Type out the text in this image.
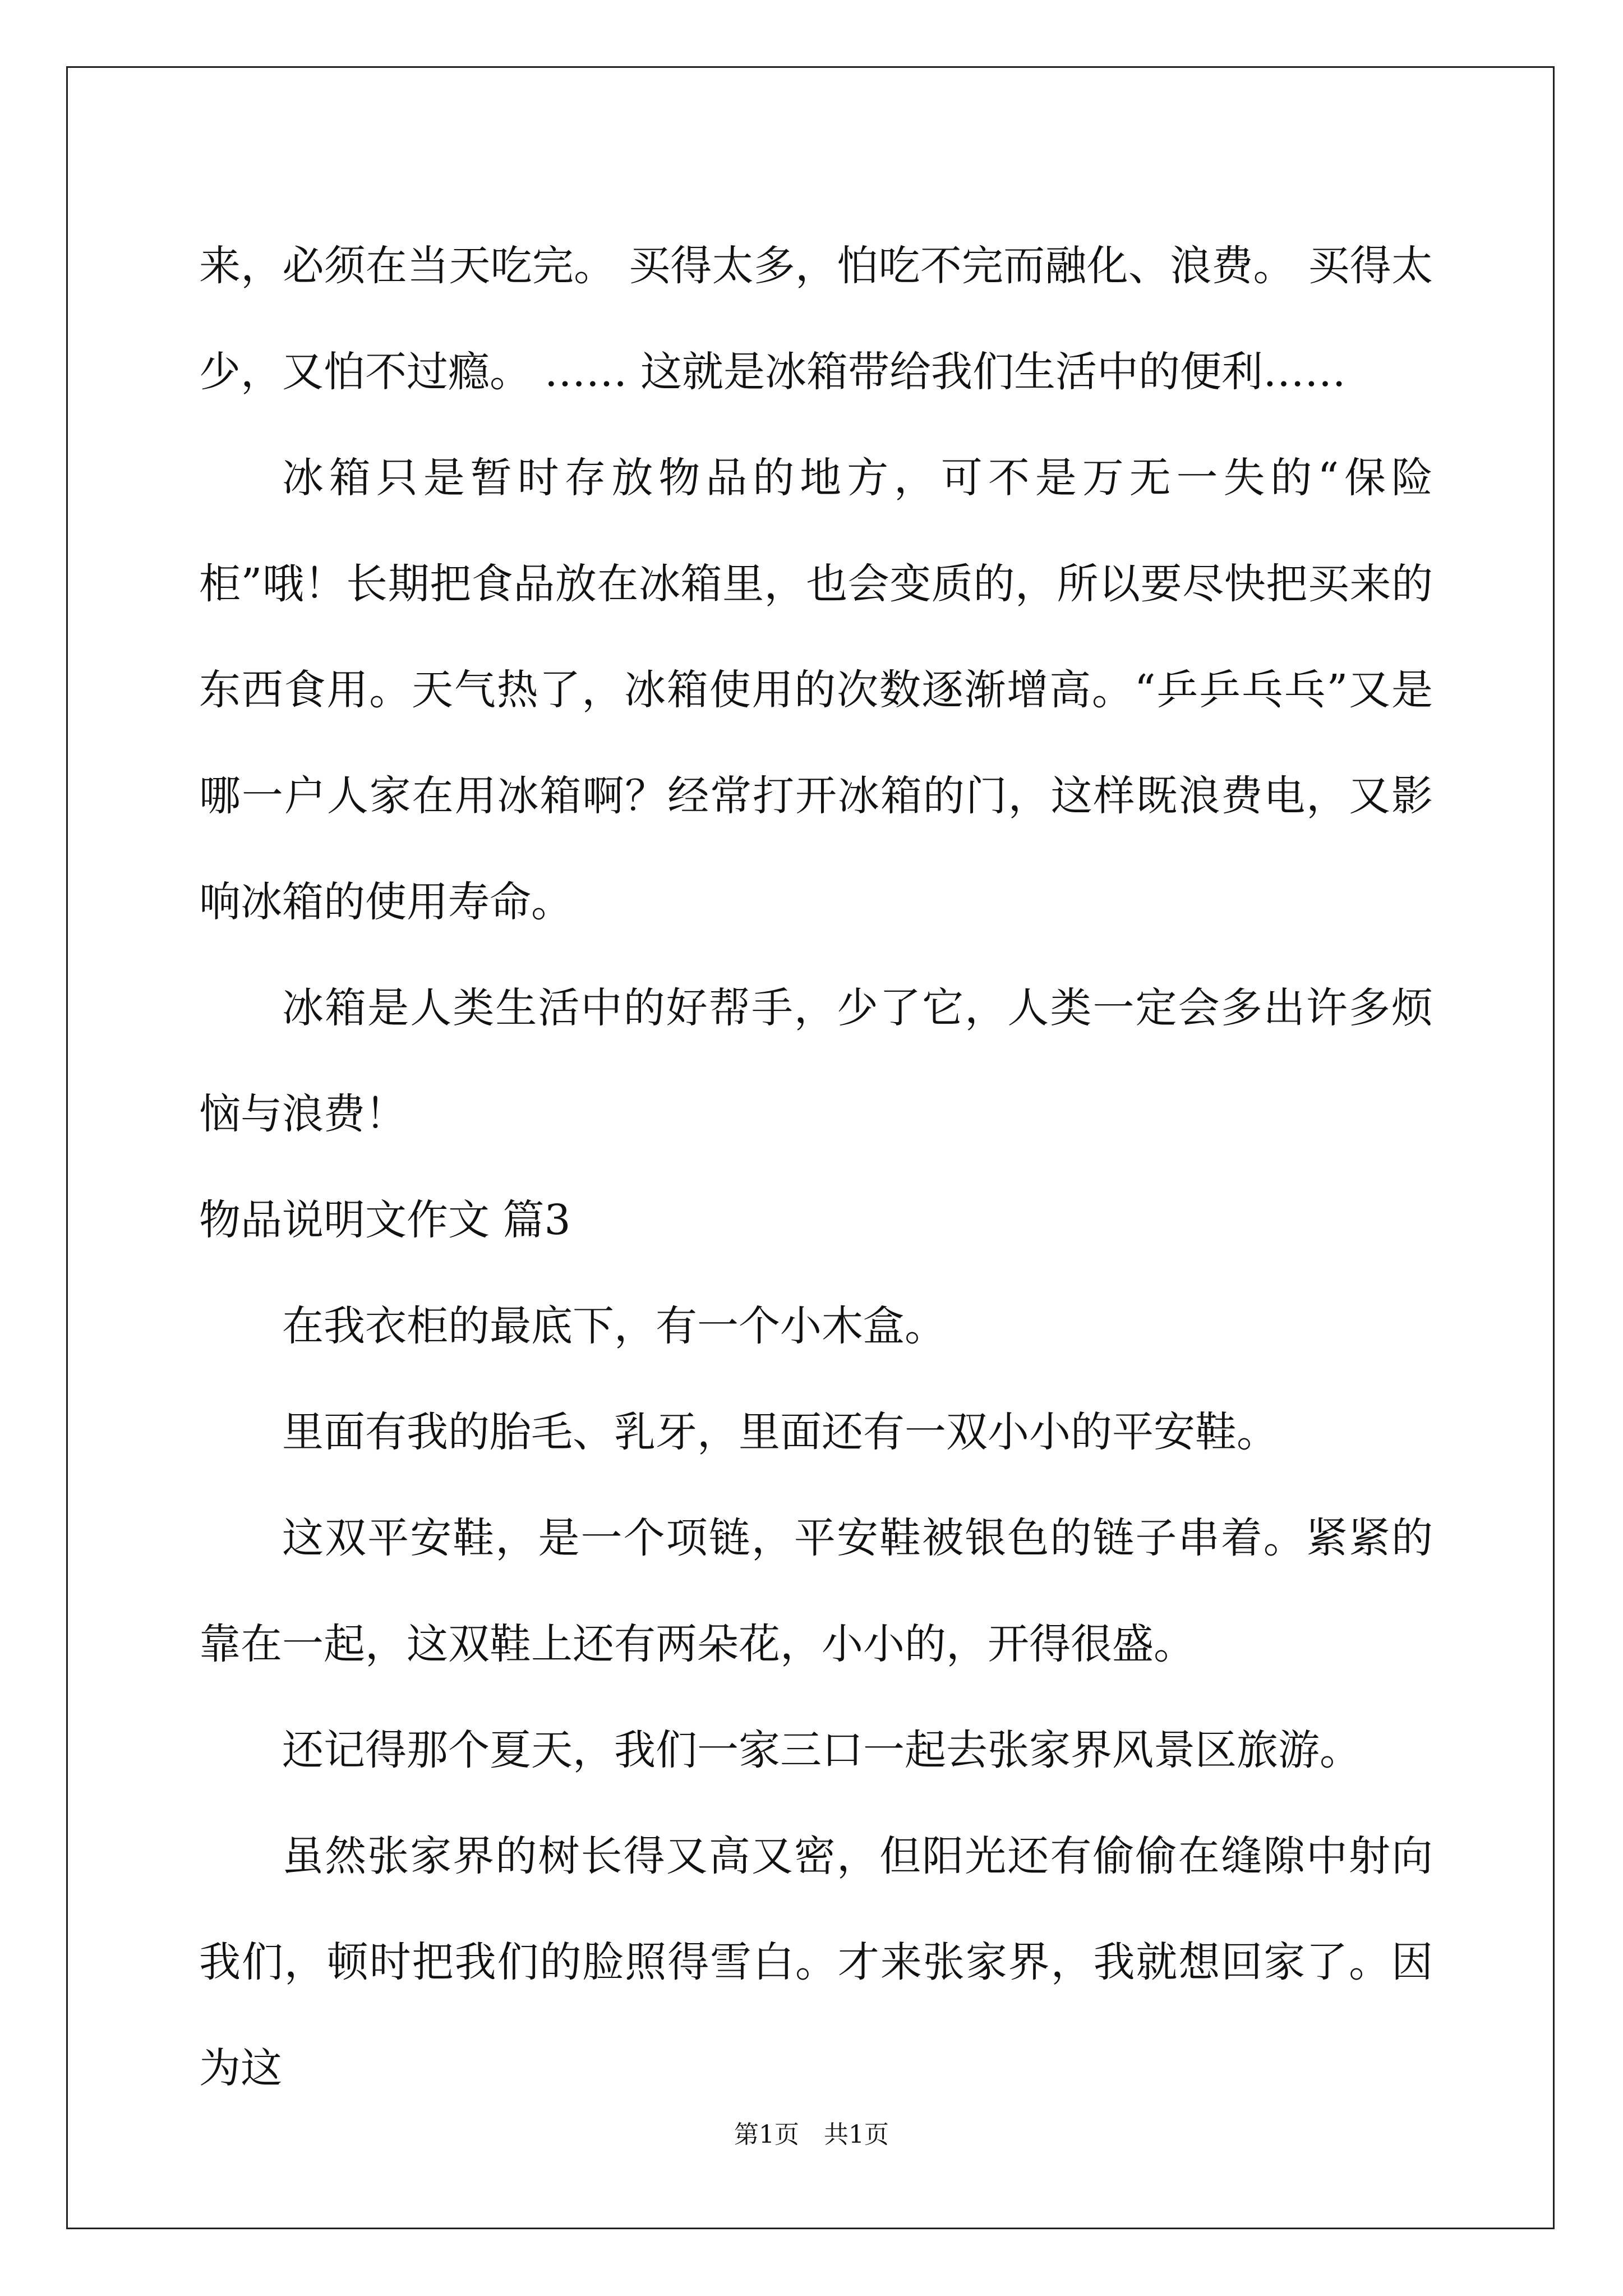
来，必须在当天吃完。 买得太多，怕吃不完而融化、浪费。 买得太少，又怕不过瘾。 …… 这就是冰箱带给我们生活中的便利……

冰箱只是暂时存放物品的地方，可不是万无一失的“保险柜”哦！长期把食品放在冰箱里，也会变质的，所以要尽快把买来的东西食用。天气热了，冰箱使用的次数逐渐增高。“乒乒乓乓”又是哪一户人家在用冰箱啊？经常打开冰箱的门，这样既浪费电，又影响冰箱的使用寿命。

冰箱是人类生活中的好帮手，少了它，人类一定会多出许多烦恼与浪费！

物品说明文作文 篇3

在我衣柜的最底下，有一个小木盒。

里面有我的胎毛、乳牙，里面还有一双小小的平安鞋。

这双平安鞋，是一个项链，平安鞋被银色的链子串着。紧紧的靠在一起，这双鞋上还有两朵花，小小的，开得很盛。

还记得那个夏天，我们一家三口一起去张家界风景区旅游。

虽然张家界的树长得又高又密，但阳光还有偷偷在缝隙中射向我们，顿时把我们的脸照得雪白。才来张家界，我就想回家了。因为这

第1页　共1页
